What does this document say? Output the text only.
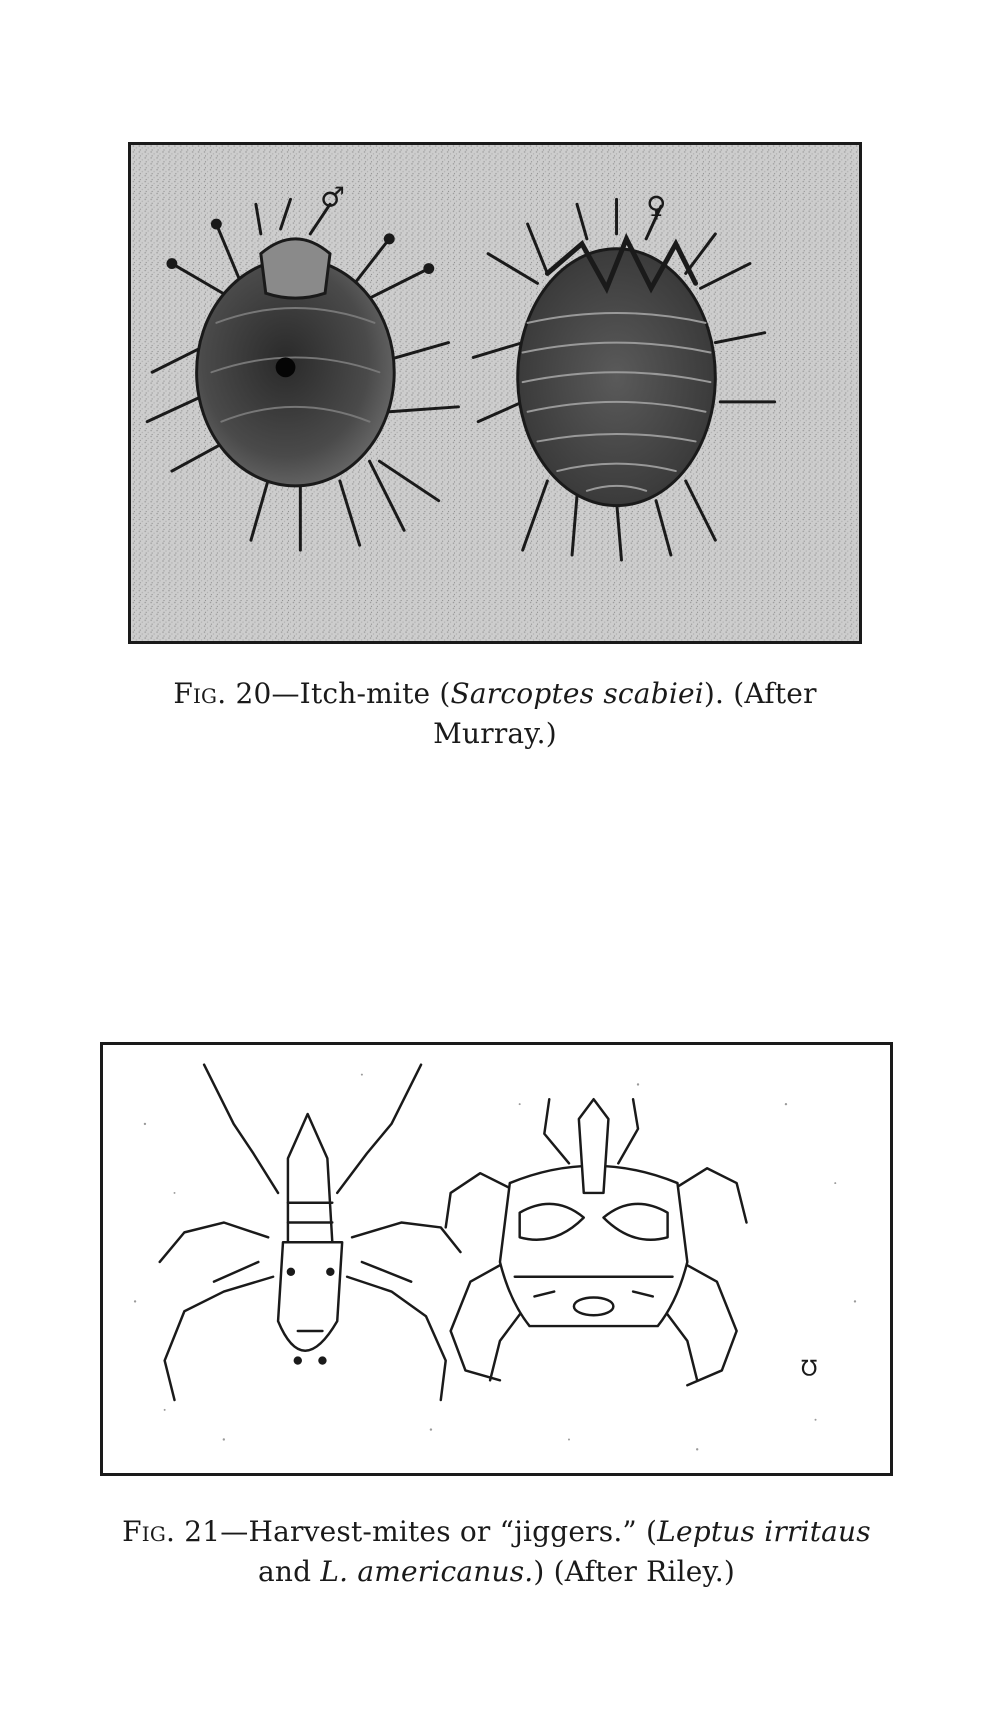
♂	♀
Fig. 20—Itch-mite (Sarcoptes scabiei). (After
Murray.)
℧
Fig. 21—Harvest-mites or “jiggers.” (Leptus irritaus
and L. americanus.) (After Riley.)
